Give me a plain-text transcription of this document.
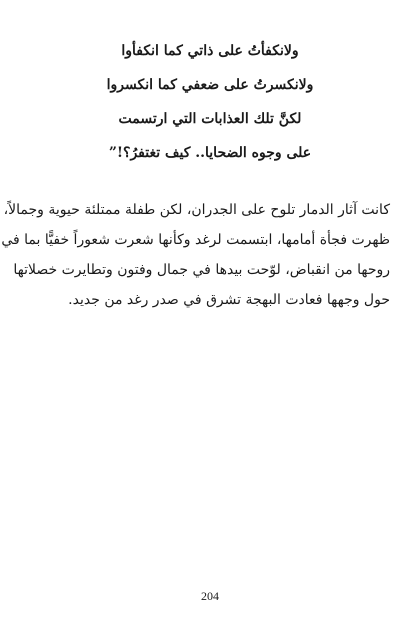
ولانكفأتُ على ذاتي كما انكفأوا
ولانكسرتُ على ضعفي كما انكسروا
لكنَّ تلك العذابات التي ارتسمت
على وجوه الضحايا.. كيف تغتفرُ؟!”
كانت آثار الدمار تلوح على الجدران، لكن طفلة ممتلئة حيوية وجمالاً،
ظهرت فجأة أمامها، ابتسمت لرغد وكأنها شعرت شعوراً خفيًّا بما في
روحها من انقباض، لوّحت بيدها في جمال وفتون وتطايرت خصلاتها
حول وجهها فعادت البهجة تشرق في صدر رغد من جديد.
204
